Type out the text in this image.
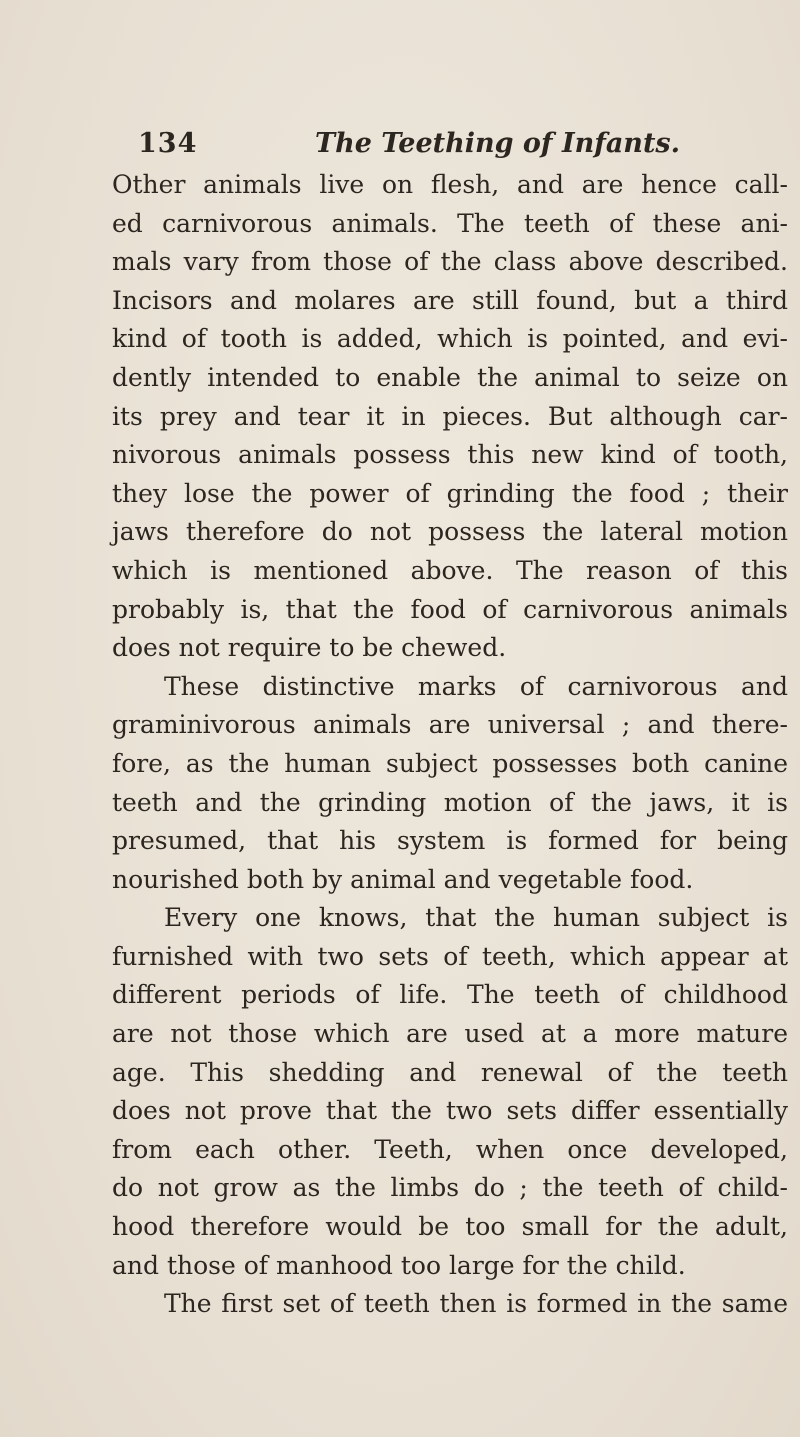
134	The Teething of Infants.
Other animals live on flesh, and are hence call-
ed carnivorous animals. The teeth of these ani-
mals vary from those of the class above described.
Incisors and molares are still found, but a third
kind of tooth is added, which is pointed, and evi-
dently intended to enable the animal to seize on
its prey and tear it in pieces. But although car-
nivorous animals possess this new kind of tooth,
they lose the power of grinding the food ; their
jaws therefore do not possess the lateral motion
which is mentioned above. The reason of this
probably is, that the food of carnivorous animals
does not require to be chewed.
These distinctive marks of carnivorous and
graminivorous animals are universal ; and there-
fore, as the human subject possesses both canine
teeth and the grinding motion of the jaws, it is
presumed, that his system is formed for being
nourished both by animal and vegetable food.
Every one knows, that the human subject is
furnished with two sets of teeth, which appear at
different periods of life. The teeth of childhood
are not those which are used at a more mature
age. This shedding and renewal of the teeth
does not prove that the two sets differ essentially
from each other. Teeth, when once developed,
do not grow as the limbs do ; the teeth of child-
hood therefore would be too small for the adult,
and those of manhood too large for the child.
The first set of teeth then is formed in the same
